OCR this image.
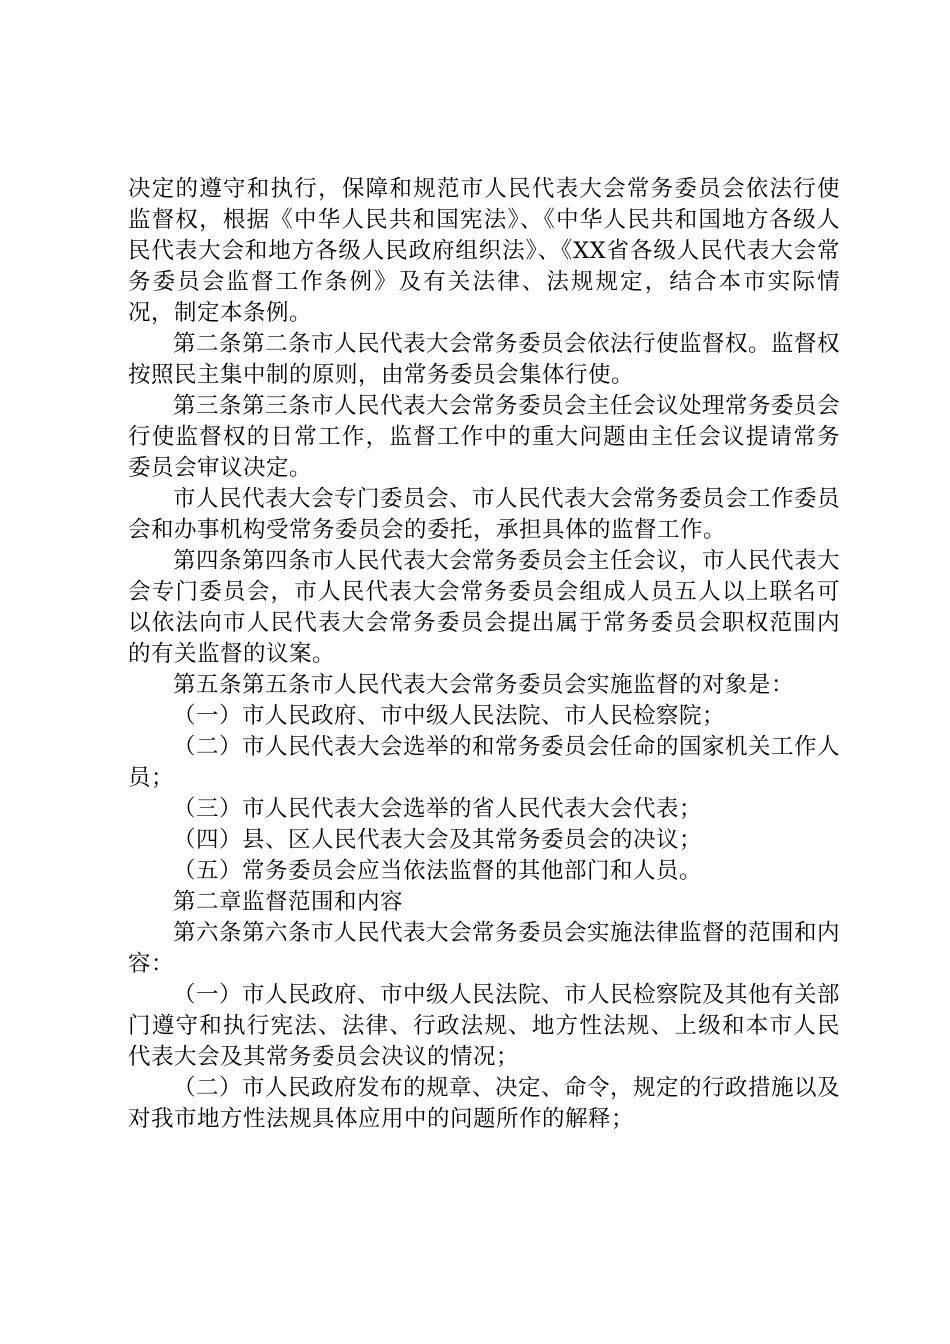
决定的遵守和执行，保障和规范市人民代表大会常务委员会依法行使监督权，根据《中华人民共和国宪法》、《中华人民共和国地方各级人民代表大会和地方各级人民政府组织法》、《XX省各级人民代表大会常务委员会监督工作条例》及有关法律、法规规定，结合本市实际情况，制定本条例。

第二条第二条市人民代表大会常务委员会依法行使监督权。监督权按照民主集中制的原则，由常务委员会集体行使。

第三条第三条市人民代表大会常务委员会主任会议处理常务委员会行使监督权的日常工作，监督工作中的重大问题由主任会议提请常务委员会审议决定。

市人民代表大会专门委员会、市人民代表大会常务委员会工作委员会和办事机构受常务委员会的委托，承担具体的监督工作。

第四条第四条市人民代表大会常务委员会主任会议，市人民代表大会专门委员会，市人民代表大会常务委员会组成人员五人以上联名可以依法向市人民代表大会常务委员会提出属于常务委员会职权范围内的有关监督的议案。

第五条第五条市人民代表大会常务委员会实施监督的对象是：

（一）市人民政府、市中级人民法院、市人民检察院；

（二）市人民代表大会选举的和常务委员会任命的国家机关工作人员；

（三）市人民代表大会选举的省人民代表大会代表；

（四）县、区人民代表大会及其常务委员会的决议；

（五）常务委员会应当依法监督的其他部门和人员。

第二章监督范围和内容

第六条第六条市人民代表大会常务委员会实施法律监督的范围和内容：

（一）市人民政府、市中级人民法院、市人民检察院及其他有关部门遵守和执行宪法、法律、行政法规、地方性法规、上级和本市人民代表大会及其常务委员会决议的情况；

（二）市人民政府发布的规章、决定、命令，规定的行政措施以及对我市地方性法规具体应用中的问题所作的解释；
